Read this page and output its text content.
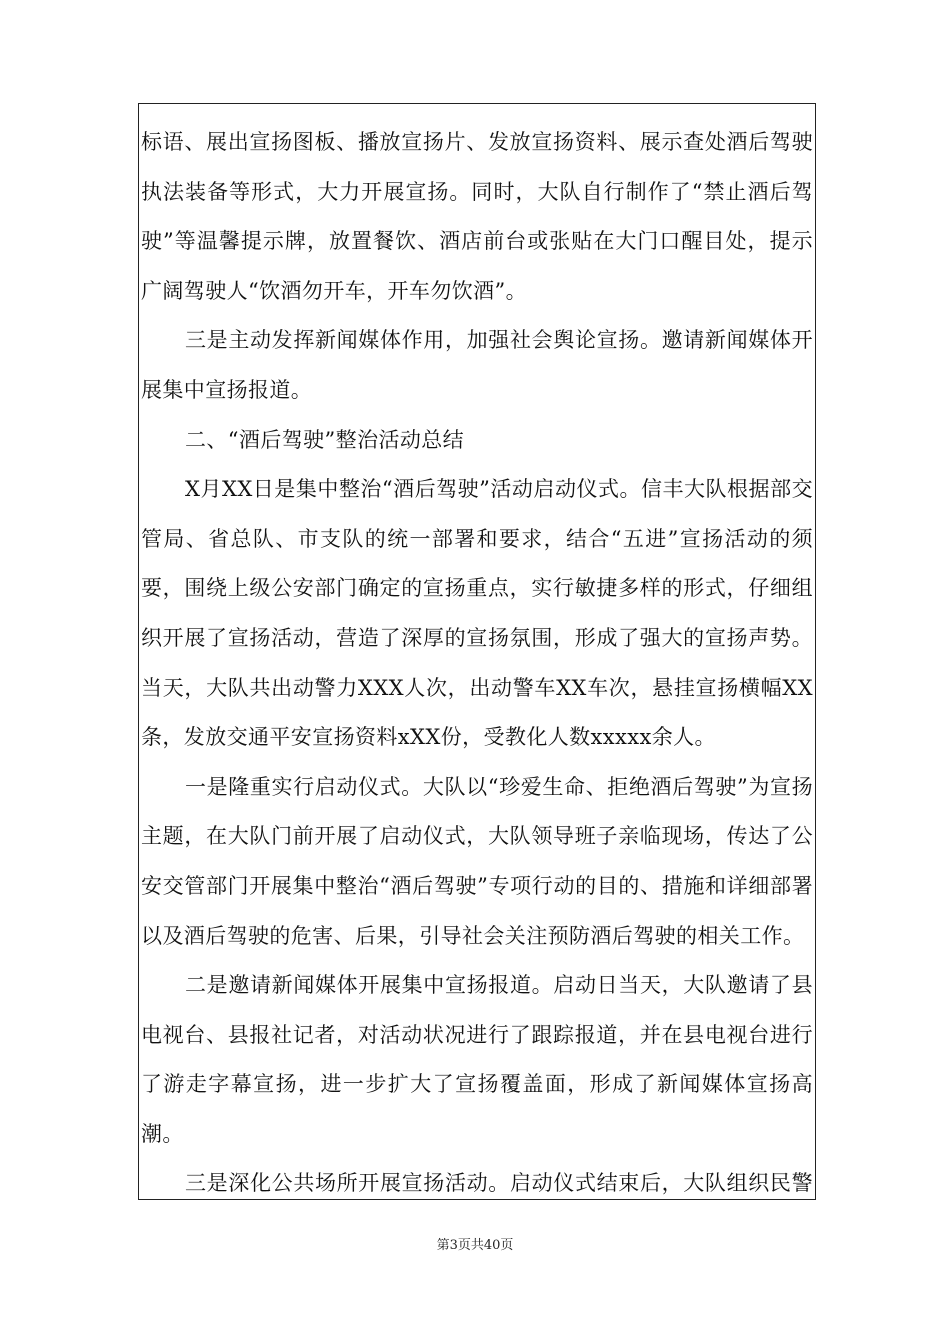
标语、展出宣扬图板、播放宣扬片、发放宣扬资料、展示查处酒后驾驶执法装备等形式，大力开展宣扬。同时，大队自行制作了“禁止酒后驾驶”等温馨提示牌，放置餐饮、酒店前台或张贴在大门口醒目处，提示广阔驾驶人“饮酒勿开车，开车勿饮酒”。

三是主动发挥新闻媒体作用，加强社会舆论宣扬。邀请新闻媒体开展集中宣扬报道。

二、“酒后驾驶”整治活动总结

X月XX日是集中整治“酒后驾驶”活动启动仪式。信丰大队根据部交管局、省总队、市支队的统一部署和要求，结合“五进”宣扬活动的须要，围绕上级公安部门确定的宣扬重点，实行敏捷多样的形式，仔细组织开展了宣扬活动，营造了深厚的宣扬氛围，形成了强大的宣扬声势。当天，大队共出动警力XXX人次，出动警车XX车次，悬挂宣扬横幅XX条，发放交通平安宣扬资料xXX份，受教化人数xxxxx余人。

一是隆重实行启动仪式。大队以“珍爱生命、拒绝酒后驾驶”为宣扬主题，在大队门前开展了启动仪式，大队领导班子亲临现场，传达了公安交管部门开展集中整治“酒后驾驶”专项行动的目的、措施和详细部署以及酒后驾驶的危害、后果，引导社会关注预防酒后驾驶的相关工作。

二是邀请新闻媒体开展集中宣扬报道。启动日当天，大队邀请了县电视台、县报社记者，对活动状况进行了跟踪报道，并在县电视台进行了游走字幕宣扬，进一步扩大了宣扬覆盖面，形成了新闻媒体宣扬高潮。

三是深化公共场所开展宣扬活动。启动仪式结束后，大队组织民警

第3页共40页
